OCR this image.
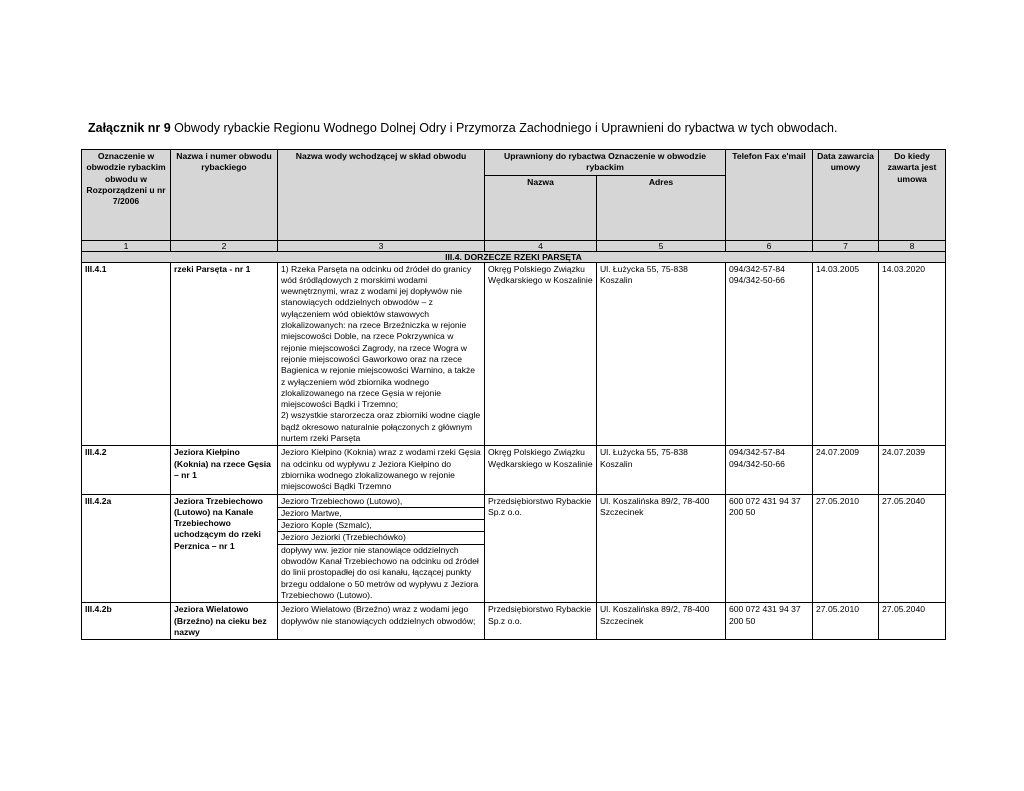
Załącznik nr 9 Obwody rybackie Regionu Wodnego Dolnej Odry i Przymorza Zachodniego i Uprawnieni do rybactwa w tych obwodach.
Oznaczenie w obwodzie rybackim obwodu w Rozporządzeni u nr 7/2006	Nazwa i numer obwodu rybackiego	Nazwa wody wchodzącej w skład obwodu	Uprawniony do rybactwa Oznaczenie w obwodzie rybackim		Telefon Fax e'mail	Data zawarcia umowy	Do kiedy zawarta jest umowa
			Nazwa	Adres			
1	2	3	4	5	6	7	8
III.4. DORZECZE RZEKI PARSĘTA							
III.4.1	rzeki Parsęta - nr 1	1) Rzeka Parsęta na odcinku od źródeł do granicy wód śródlądowych z morskimi wodami wewnętrznymi, wraz z wodami jej dopływów nie stanowiących oddzielnych obwodów – z wyłączeniem wód obiektów stawowych zlokalizowanych: na rzece Brzeźniczka w rejonie miejscowości Doble, na rzece Pokrzywnica w rejonie miejscowości Zagrody, na rzece Wogra w rejonie miejscowości Gaworkowo oraz na rzece Bagienica w rejonie miejscowości Warnino, a także z wyłączeniem wód zbiornika wodnego zlokalizowanego na rzece Gęsia w rejonie miejscowości Bądki i Trzemno;
2) wszystkie starorzecza oraz zbiorniki wodne ciągle bądź okresowo naturalnie połączonych z głównym nurtem rzeki Parsęta	Okręg Polskiego Związku Wędkarskiego w Koszalinie	Ul. Łużycka 55, 75-838 Koszalin	094/342-57-84 094/342-50-66	14.03.2005	14.03.2020
III.4.2	Jeziora Kiełpino (Koknia) na rzece Gęsia – nr 1	Jezioro Kiełpino (Koknia) wraz z wodami rzeki Gęsia na odcinku od wypływu z Jeziora Kiełpino do zbiornika wodnego zlokalizowanego w rejonie miejscowości Bądki Trzemno	Okręg Polskiego Związku Wędkarskiego w Koszalinie	Ul. Łużycka 55, 75-838 Koszalin	094/342-57-84 094/342-50-66	24.07.2009	24.07.2039
III.4.2a	Jeziora Trzebiechowo (Lutowo) na Kanale Trzebiechowo uchodzącym do rzeki Perznica – nr 1	Jezioro Trzebiechowo (Lutowo),
Jezioro Martwe,
Jezioro Kople (Szmalc),
Jezioro Jeziorki (Trzebiechówko)
dopływy ww. jezior nie stanowiące oddzielnych obwodów Kanał Trzebiechowo na odcinku od źródeł do linii prostopadłej do osi kanału, łączącej punkty brzegu oddalone o 50 metrów od wypływu z Jeziora Trzebiechowo (Lutowo).	Przedsiębiorstwo Rybackie Sp.z o.o.	Ul. Koszalińska 89/2, 78-400 Szczecinek	600 072 431 94 37 200 50	27.05.2010	27.05.2040
III.4.2b	Jeziora Wielatowo (Brzeźno) na cieku bez nazwy	Jezioro Wielatowo (Brzeźno) wraz z wodami jego dopływów nie stanowiących oddzielnych obwodów;	Przedsiębiorstwo Rybackie Sp.z o.o.	Ul. Koszalińska 89/2, 78-400 Szczecinek	600 072 431 94 37 200 50	27.05.2010	27.05.2040
